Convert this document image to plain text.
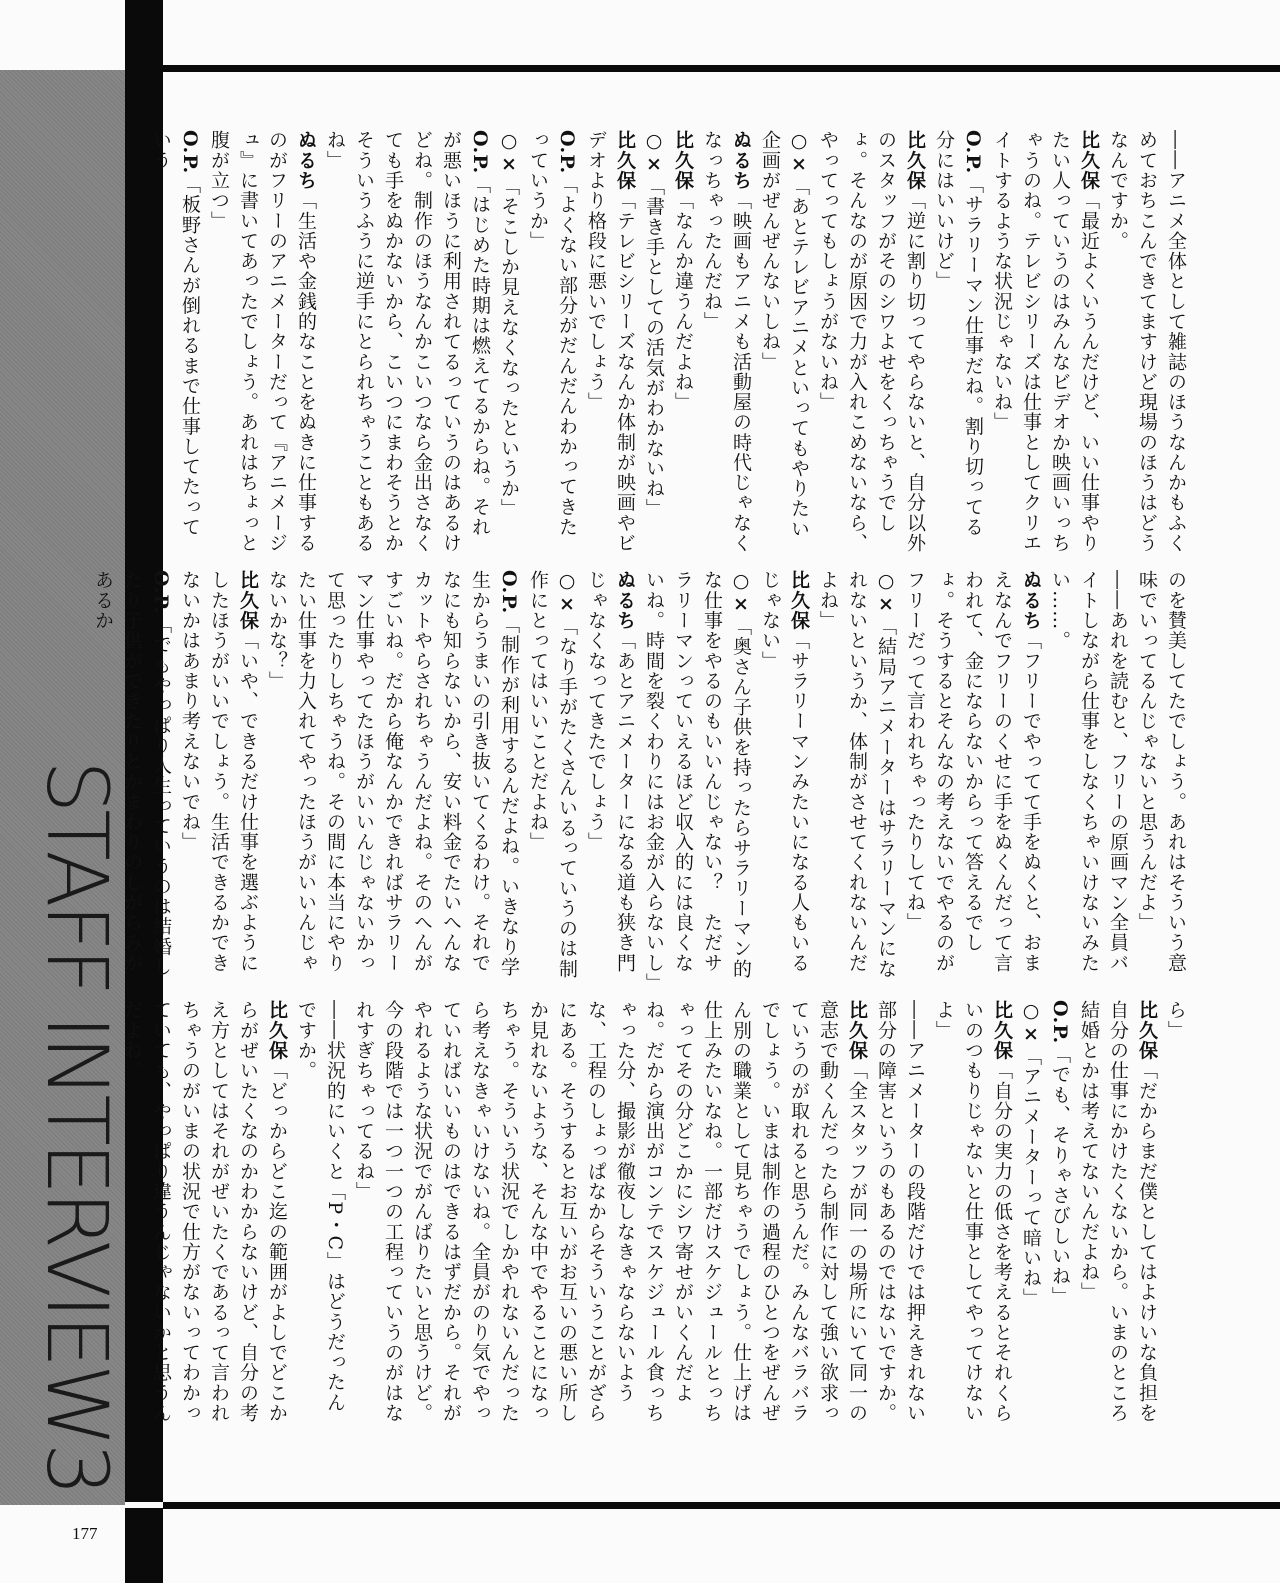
STAFF INTERVIEW3
177
――アニメ全体として雑誌のほうなんかもふくめておちこんできてますけど現場のほうはどうなんですか。
比久保「最近よくいうんだけど、いい仕事やりたい人っていうのはみんなビデオか映画いっちゃうのね。テレビシリーズは仕事としてクリエイトするような状況じゃないね」
O.P.「サラリーマン仕事だね。割り切ってる分にはいいけど」
比久保「逆に割り切ってやらないと、自分以外のスタッフがそのシワよせをくっちゃうでしょ。そんなのが原因で力が入れこめないなら、やってってもしょうがないね」
○×「あとテレビアニメといってもやりたい企画がぜんぜんないしね」
ぬるち「映画もアニメも活動屋の時代じゃなくなっちゃったんだね」
比久保「なんか違うんだよね」
○×「書き手としての活気がわかないね」
比久保「テレビシリーズなんか体制が映画やビデオより格段に悪いでしょう」
O.P.「よくない部分がだんだんわかってきたっていうか」
○×「そこしか見えなくなったというか」
O.P.「はじめた時期は燃えてるからね。それが悪いほうに利用されてるっていうのはあるけどね。制作のほうなんかこいつなら金出さなくても手をぬかないから、こいつにまわそうとかそういうふうに逆手にとられちゃうこともあるね」
ぬるち「生活や金銭的なことをぬきに仕事するのがフリーのアニメーターだって『アニメージュ』に書いてあったでしょう。あれはちょっと腹が立つ」
O.P.「板野さんが倒れるまで仕事してたっていう
のを賛美してたでしょう。あれはそういう意味でいってるんじゃないと思うんだよ」
――あれを読むと、フリーの原画マン全員バイトしながら仕事をしなくちゃいけないみたい……。
ぬるち「フリーでやってて手をぬくと、おまえなんでフリーのくせに手をぬくんだって言われて、金にならないからって答えるでしょ。そうするとそんなの考えないでやるのがフリーだって言われちゃったりしてね」
○×「結局アニメーターはサラリーマンになれないというか、体制がさせてくれないんだよね」
比久保「サラリーマンみたいになる人もいるじゃない」
○×「奥さん子供を持ったらサラリーマン的な仕事をやるのもいいんじゃない？　ただサラリーマンっていえるほど収入的には良くないね。時間を裂くわりにはお金が入らないし」
ぬるち「あとアニメーターになる道も狭き門じゃなくなってきたでしょう」
○×「なり手がたくさんいるっていうのは制作にとってはいいことだよね」
O.P.「制作が利用するんだよね。いきなり学生からうまいの引き抜いてくるわけ。それでなにも知らないから、安い料金でたいへんなカットやらされちゃうんだよね。そのへんがすごいね。だから俺なんかできればサラリーマン仕事やってたほうがいいんじゃないかって思ったりしちゃうね。その間に本当にやりたい仕事を力入れてやったほうがいいんじゃないかな？」
比久保「いや、できるだけ仕事を選ぶようにしたほうがいいでしょう。生活できるかできないかはあまり考えないでね」
O.P.「でもやっぱり人生っていうのは結婚したり子供ができたりとかまわりのしがらみがあるか
ら」
比久保「だからまだ僕としてはよけいな負担を自分の仕事にかけたくないから。いまのところ結婚とかは考えてないんだよね」
O.P.「でも、そりゃさびしいね」
○×「アニメーターって暗いね」
比久保「自分の実力の低さを考えるとそれくらいのつもりじゃないと仕事としてやってけないよ」
――アニメーターの段階だけでは押えきれない部分の障害というのもあるのではないですか。
比久保「全スタッフが同一の場所にいて同一の意志で動くんだったら制作に対して強い欲求っていうのが取れると思うんだ。みんなバラバラでしょう。いまは制作の過程のひとつをぜんぜん別の職業として見ちゃうでしょう。仕上げは仕上みたいなね。一部だけスケジュールとっちゃってその分どこかにシワ寄せがいくんだよね。だから演出がコンテでスケジュール食っちゃった分、撮影が徹夜しなきゃならないような、工程のしょっぱなからそういうことがざらにある。そうするとお互いがお互いの悪い所しか見れないような、そんな中でやることになっちゃう。そういう状況でしかやれないんだったら考えなきゃいけないね。全員がのり気でやっていればいいものはできるはずだから。それがやれるような状況でがんばりたいと思うけど。今の段階では一つ一つの工程っていうのがはなれすぎちゃってるね」
――状況的にいくと「P・C」はどうだったんですか。
比久保「どっからどこ迄の範囲がよしでどこからがぜいたくなのかわからないけど、自分の考え方としてはそれがぜいたくであるって言われちゃうのがいまの状況で仕方がないってわかっていても、やっぱり違うんじゃないかと思うんだよね。
